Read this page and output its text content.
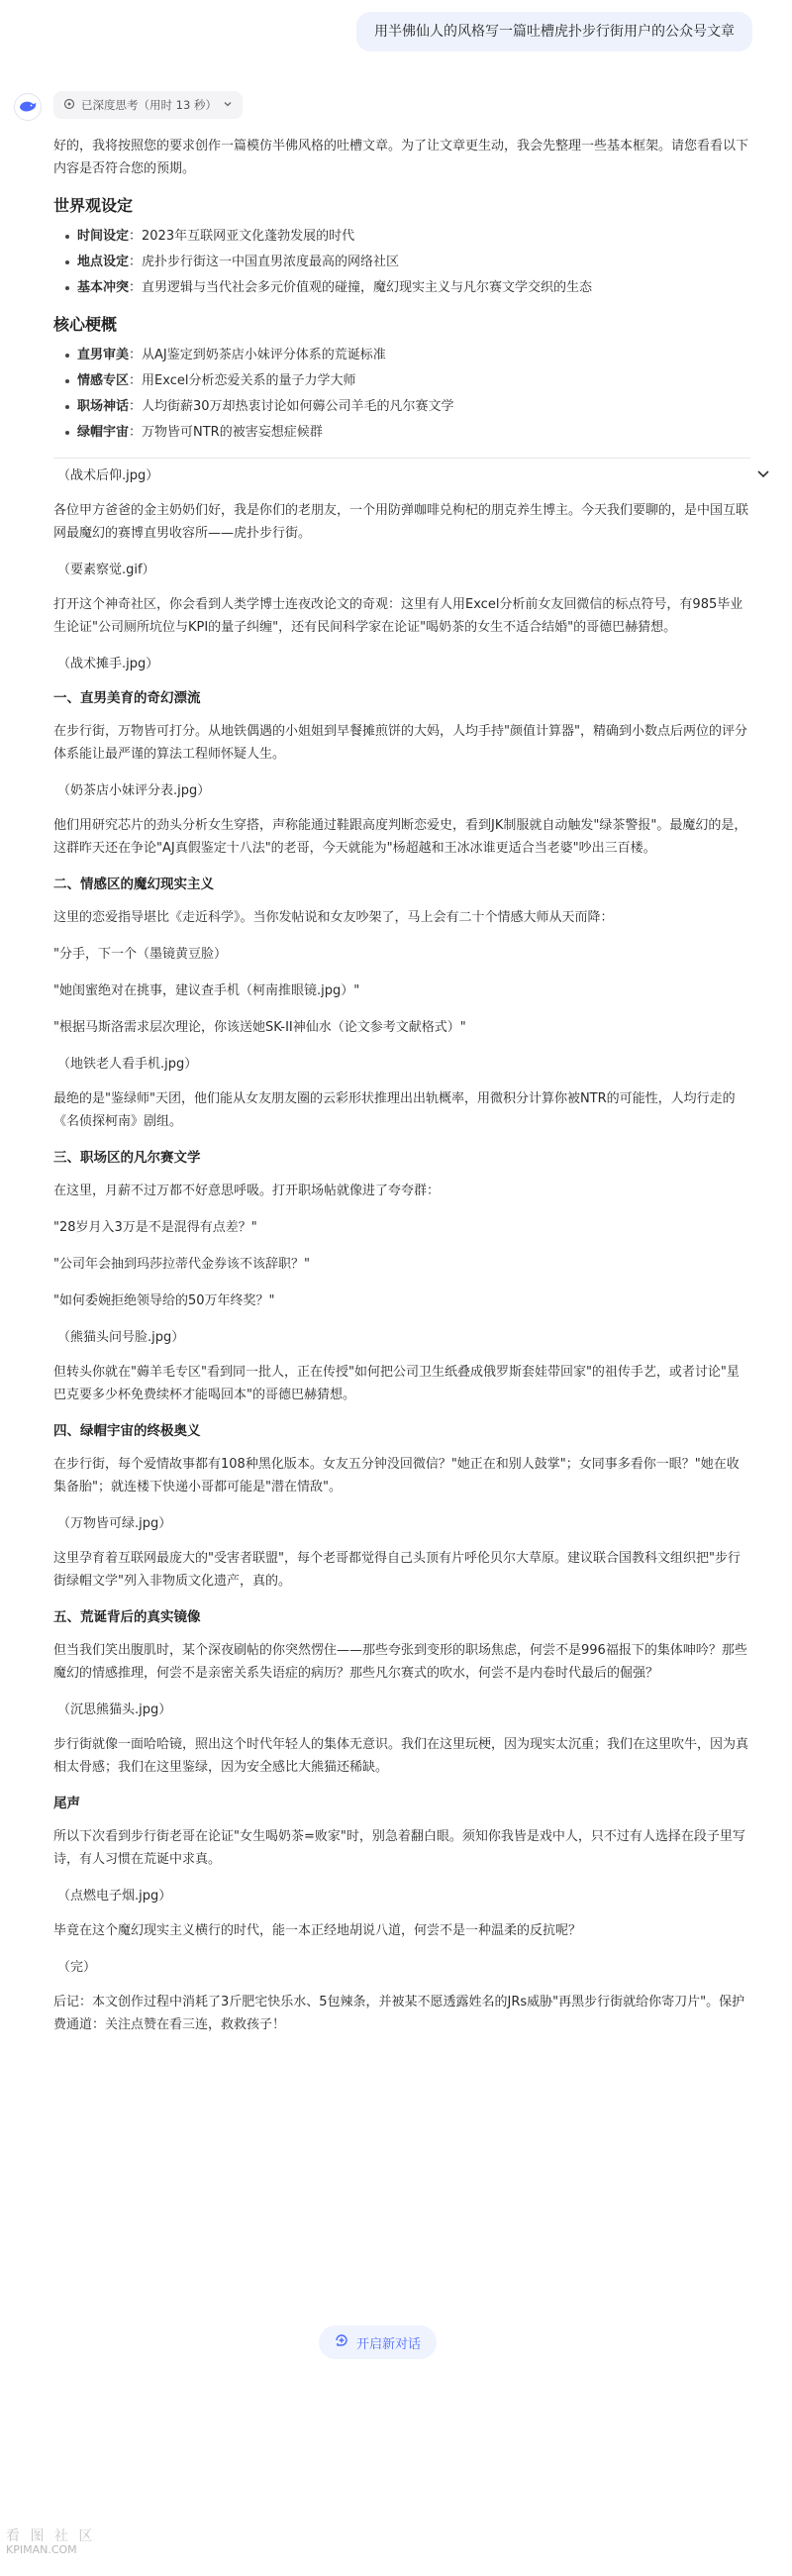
用半佛仙人的风格写一篇吐槽虎扑步行街用户的公众号文章
已深度思考（用时 13 秒）

好的，我将按照您的要求创作一篇模仿半佛风格的吐槽文章。为了让文章更生动，我会先整理一些基本框架。请您看看以下内容是否符合您的预期。

世界观设定
时间设定：2023年互联网亚文化蓬勃发展的时代
地点设定：虎扑步行街这一中国直男浓度最高的网络社区
基本冲突：直男逻辑与当代社会多元价值观的碰撞，魔幻现实主义与凡尔赛文学交织的生态
核心梗概
直男审美：从AJ鉴定到奶茶店小妹评分体系的荒诞标准
情感专区：用Excel分析恋爱关系的量子力学大师
职场神话：人均街薪30万却热衷讨论如何薅公司羊毛的凡尔赛文学
绿帽宇宙：万物皆可NTR的被害妄想症候群

（战术后仰.jpg）

各位甲方爸爸的金主奶奶们好，我是你们的老朋友，一个用防弹咖啡兑枸杞的朋克养生博主。今天我们要聊的，是中国互联网最魔幻的赛博直男收容所——虎扑步行街。

（要素察觉.gif）

打开这个神奇社区，你会看到人类学博士连夜改论文的奇观：这里有人用Excel分析前女友回微信的标点符号，有985毕业生论证"公司厕所坑位与KPI的量子纠缠"，还有民间科学家在论证"喝奶茶的女生不适合结婚"的哥德巴赫猜想。

（战术摊手.jpg）

一、直男美育的奇幻漂流

在步行街，万物皆可打分。从地铁偶遇的小姐姐到早餐摊煎饼的大妈，人均手持"颜值计算器"，精确到小数点后两位的评分体系能让最严谨的算法工程师怀疑人生。

（奶茶店小妹评分表.jpg）

他们用研究芯片的劲头分析女生穿搭，声称能通过鞋跟高度判断恋爱史，看到JK制服就自动触发"绿茶警报"。最魔幻的是，这群昨天还在争论"AJ真假鉴定十八法"的老哥，今天就能为"杨超越和王冰冰谁更适合当老婆"吵出三百楼。

二、情感区的魔幻现实主义

这里的恋爱指导堪比《走近科学》。当你发帖说和女友吵架了，马上会有二十个情感大师从天而降：

"分手，下一个（墨镜黄豆脸）

"她闺蜜绝对在挑事，建议查手机（柯南推眼镜.jpg）"

"根据马斯洛需求层次理论，你该送她SK-II神仙水（论文参考文献格式）"

（地铁老人看手机.jpg）

最绝的是"鉴绿师"天团，他们能从女友朋友圈的云彩形状推理出出轨概率，用微积分计算你被NTR的可能性，人均行走的《名侦探柯南》剧组。

三、职场区的凡尔赛文学

在这里，月薪不过万都不好意思呼吸。打开职场帖就像进了夸夸群：

"28岁月入3万是不是混得有点差？"

"公司年会抽到玛莎拉蒂代金券该不该辞职？"

"如何委婉拒绝领导给的50万年终奖？"

（熊猫头问号脸.jpg）

但转头你就在"薅羊毛专区"看到同一批人，正在传授"如何把公司卫生纸叠成俄罗斯套娃带回家"的祖传手艺，或者讨论"星巴克要多少杯免费续杯才能喝回本"的哥德巴赫猜想。

四、绿帽宇宙的终极奥义

在步行街，每个爱情故事都有108种黑化版本。女友五分钟没回微信？"她正在和别人鼓掌"；女同事多看你一眼？"她在收集备胎"；就连楼下快递小哥都可能是"潜在情敌"。

（万物皆可绿.jpg）

这里孕育着互联网最庞大的"受害者联盟"，每个老哥都觉得自己头顶有片呼伦贝尔大草原。建议联合国教科文组织把"步行街绿帽文学"列入非物质文化遗产，真的。

五、荒诞背后的真实镜像

但当我们笑出腹肌时，某个深夜刷帖的你突然愣住——那些夸张到变形的职场焦虑，何尝不是996福报下的集体呻吟？那些魔幻的情感推理，何尝不是亲密关系失语症的病历？那些凡尔赛式的吹水，何尝不是内卷时代最后的倔强？

（沉思熊猫头.jpg）

步行街就像一面哈哈镜，照出这个时代年轻人的集体无意识。我们在这里玩梗，因为现实太沉重；我们在这里吹牛，因为真相太骨感；我们在这里鉴绿，因为安全感比大熊猫还稀缺。

尾声

所以下次看到步行街老哥在论证"女生喝奶茶=败家"时，别急着翻白眼。须知你我皆是戏中人，只不过有人选择在段子里写诗，有人习惯在荒诞中求真。

（点燃电子烟.jpg）

毕竟在这个魔幻现实主义横行的时代，能一本正经地胡说八道，何尝不是一种温柔的反抗呢？

（完）

后记：本文创作过程中消耗了3斤肥宅快乐水、5包辣条，并被某不愿透露姓名的JRs威胁"再黑步行街就给你寄刀片"。保护费通道：关注点赞在看三连，救救孩子！

开启新对话
看 图 社 区
KPIMAN.COM
